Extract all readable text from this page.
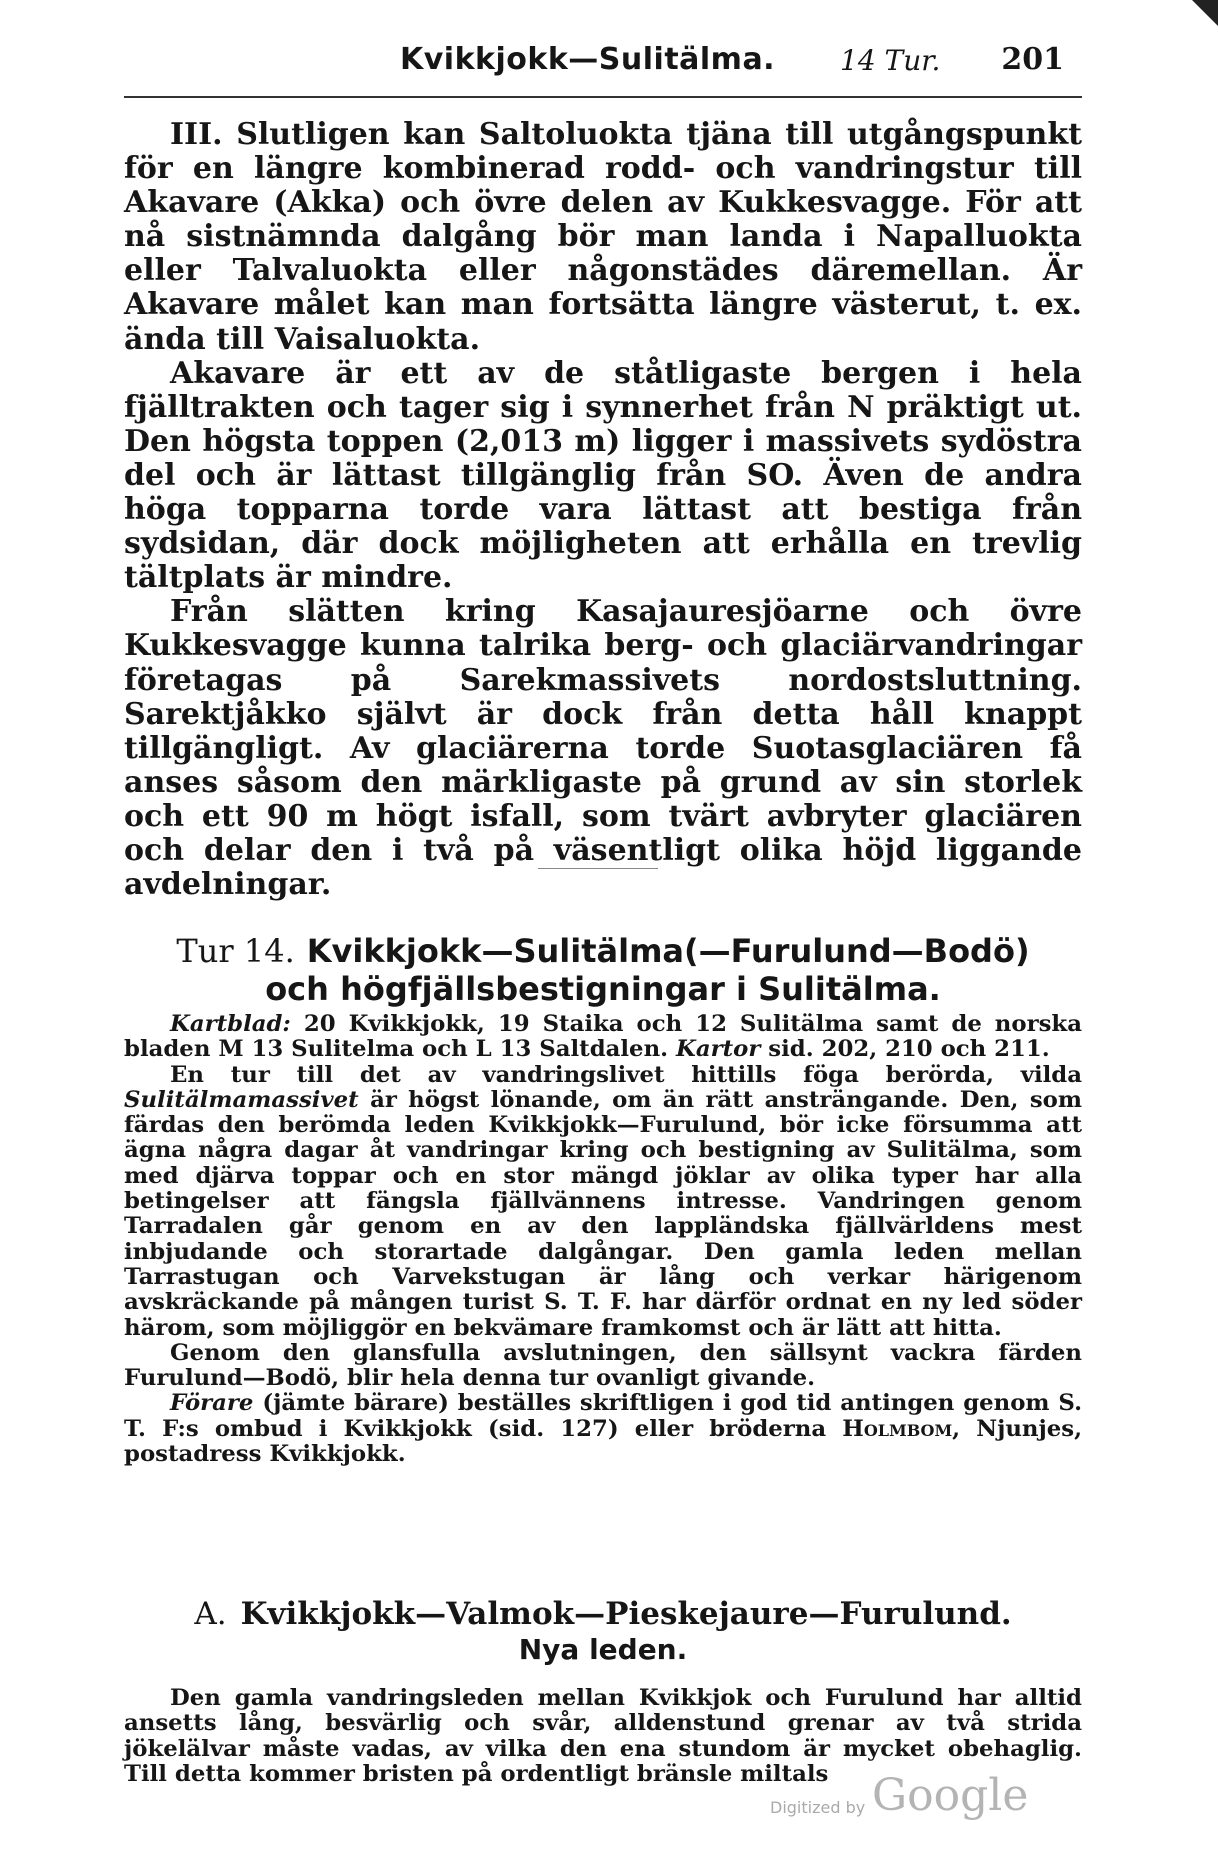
Kvikkjokk—Sulitälma. 14 Tur. 201

III. Slutligen kan Saltoluokta tjäna till utgångspunkt för en längre kombinerad rodd- och vandringstur till Akavare (Akka) och övre delen av Kukkesvagge. För att nå sistnämnda dalgång bör man landa i Napalluokta eller Talvaluokta eller någonstädes däremellan. Är Akavare målet kan man fortsätta längre västerut, t. ex. ända till Vaisaluokta.

Akavare är ett av de ståtligaste bergen i hela fjälltrakten och tager sig i synnerhet från N präktigt ut. Den högsta toppen (2,013 m) ligger i massivets sydöstra del och är lättast tillgänglig från SO. Även de andra höga topparna torde vara lättast att bestiga från sydsidan, där dock möjligheten att erhålla en trevlig tältplats är mindre.

Från slätten kring Kasajauresjöarne och övre Kukkesvagge kunna talrika berg- och glaciärvandringar företagas på Sarekmassivets nordostsluttning. Sarektjåkko självt är dock från detta håll knappt tillgängligt. Av glaciärerna torde Suotasglaciären få anses såsom den märkligaste på grund av sin storlek och ett 90 m högt isfall, som tvärt avbryter glaciären och delar den i två på väsentligt olika höjd liggande avdelningar.

Tur 14. Kvikkjokk—Sulitälma(—Furulund—Bodö)
och högfjällsbestigningar i Sulitälma.

Kartblad: 20 Kvikkjokk, 19 Staika och 12 Sulitälma samt de norska bladen M 13 Sulitelma och L 13 Saltdalen. Kartor sid. 202, 210 och 211.

En tur till det av vandringslivet hittills föga berörda, vilda Sulitälmamassivet är högst lönande, om än rätt ansträngande. Den, som färdas den berömda leden Kvikkjokk—Furulund, bör icke försumma att ägna några dagar åt vandringar kring och bestigning av Sulitälma, som med djärva toppar och en stor mängd jöklar av olika typer har alla betingelser att fängsla fjällvännens intresse. Vandringen genom Tarradalen går genom en av den lappländska fjällvärldens mest inbjudande och storartade dalgångar. Den gamla leden mellan Tarrastugan och Varvekstugan är lång och verkar härigenom avskräckande på mången turist S. T. F. har därför ordnat en ny led söder härom, som möjliggör en bekvämare framkomst och är lätt att hitta.

Genom den glansfulla avslutningen, den sällsynt vackra färden Furulund—Bodö, blir hela denna tur ovanligt givande.

Förare (jämte bärare) beställes skriftligen i god tid antingen genom S. T. F:s ombud i Kvikkjokk (sid. 127) eller bröderna Holmbom, Njunjes, postadress Kvikkjokk.

A. Kvikkjokk—Valmok—Pieskejaure—Furulund.
Nya leden.

Den gamla vandringsleden mellan Kvikkjok och Furulund har alltid ansetts lång, besvärlig och svår, alldenstund grenar av två strida jökelälvar måste vadas, av vilka den ena stundom är mycket obehaglig. Till detta kommer bristen på ordentligt bränsle miltals

Digitized by Google
